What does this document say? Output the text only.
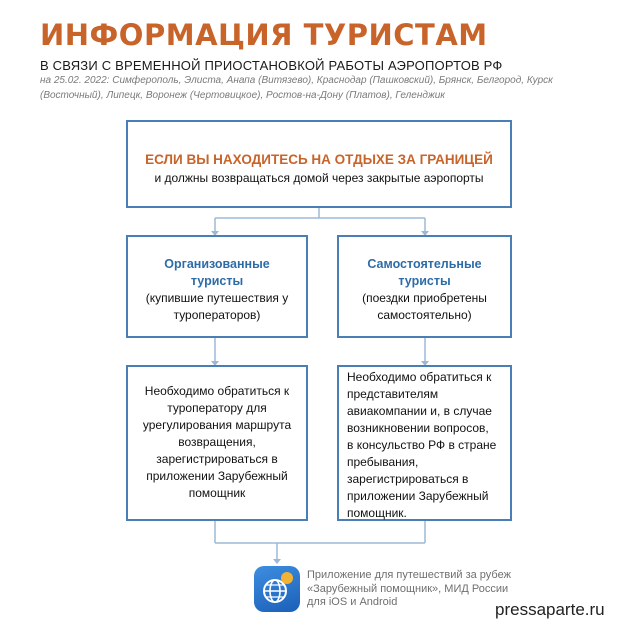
ИНФОРМАЦИЯ ТУРИСТАМ
В СВЯЗИ С ВРЕМЕННОЙ ПРИОСТАНОВКОЙ РАБОТЫ АЭРОПОРТОВ РФ
на 25.02. 2022: Симферополь, Элиста, Анапа (Витязево), Краснодар (Пашковский), Брянск, Белгород, Курск (Восточный), Липецк, Воронеж (Чертовицкое), Ростов-на-Дону (Платов), Геленджик
ЕСЛИ ВЫ НАХОДИТЕСЬ НА ОТДЫХЕ ЗА ГРАНИЦЕЙ
и должны возвращаться домой через закрытые аэропорты
Организованные
туристы
(купившие путешествия у
туроператоров)
Самостоятельные
туристы
(поездки приобретены
самостоятельно)
Необходимо обратиться к
туроператору для
урегулирования маршрута
возвращения,
зарегистрироваться в
приложении Зарубежный
помощник
Необходимо обратиться к
представителям
авиакомпании и, в случае
возникновении вопросов,
в консульство РФ в стране
пребывания,
зарегистрироваться в
приложении Зарубежный
помощник.
Приложение для путешествий за рубеж
«Зарубежный помощник», МИД России
для iOS и Android	pressaparte.ru
